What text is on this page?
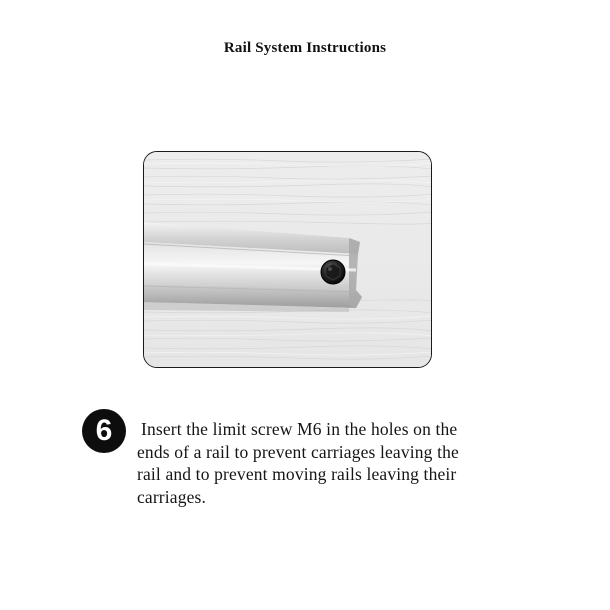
Rail System Instructions
6	Insert the limit screw M6 in the holes on the
ends of a rail to prevent carriages leaving the
rail and to prevent moving rails leaving their
carriages.
